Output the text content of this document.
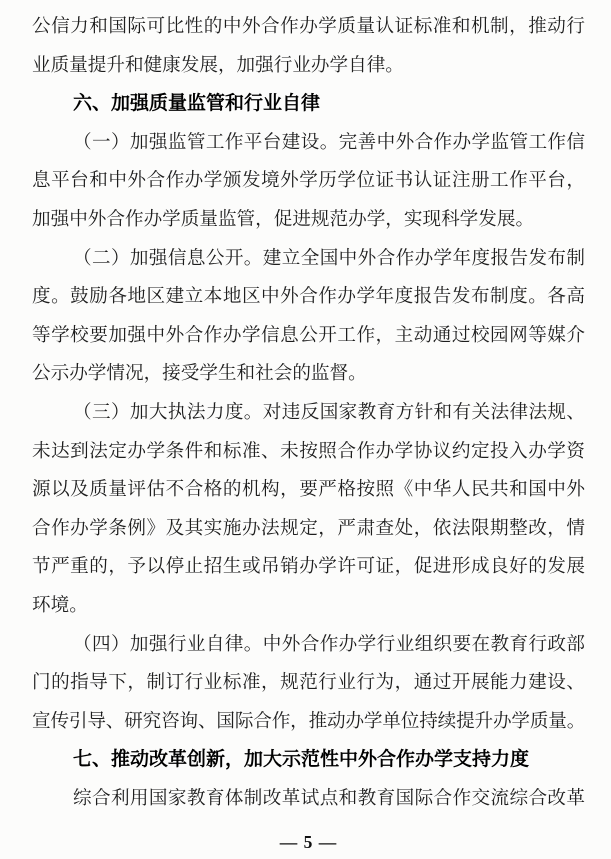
公信力和国际可比性的中外合作办学质量认证标准和机制，推动行
业质量提升和健康发展，加强行业办学自律。
六、加强质量监管和行业自律
（一）加强监管工作平台建设。完善中外合作办学监管工作信
息平台和中外合作办学颁发境外学历学位证书认证注册工作平台，
加强中外合作办学质量监管，促进规范办学，实现科学发展。
（二）加强信息公开。建立全国中外合作办学年度报告发布制
度。鼓励各地区建立本地区中外合作办学年度报告发布制度。各高
等学校要加强中外合作办学信息公开工作，主动通过校园网等媒介
公示办学情况，接受学生和社会的监督。
（三）加大执法力度。对违反国家教育方针和有关法律法规、
未达到法定办学条件和标准、未按照合作办学协议约定投入办学资
源以及质量评估不合格的机构，要严格按照《中华人民共和国中外
合作办学条例》及其实施办法规定，严肃查处，依法限期整改，情
节严重的，予以停止招生或吊销办学许可证，促进形成良好的发展
环境。
（四）加强行业自律。中外合作办学行业组织要在教育行政部
门的指导下，制订行业标准，规范行业行为，通过开展能力建设、
宣传引导、研究咨询、国际合作，推动办学单位持续提升办学质量。
七、推动改革创新，加大示范性中外合作办学支持力度
综合利用国家教育体制改革试点和教育国际合作交流综合改革
— 5 —
